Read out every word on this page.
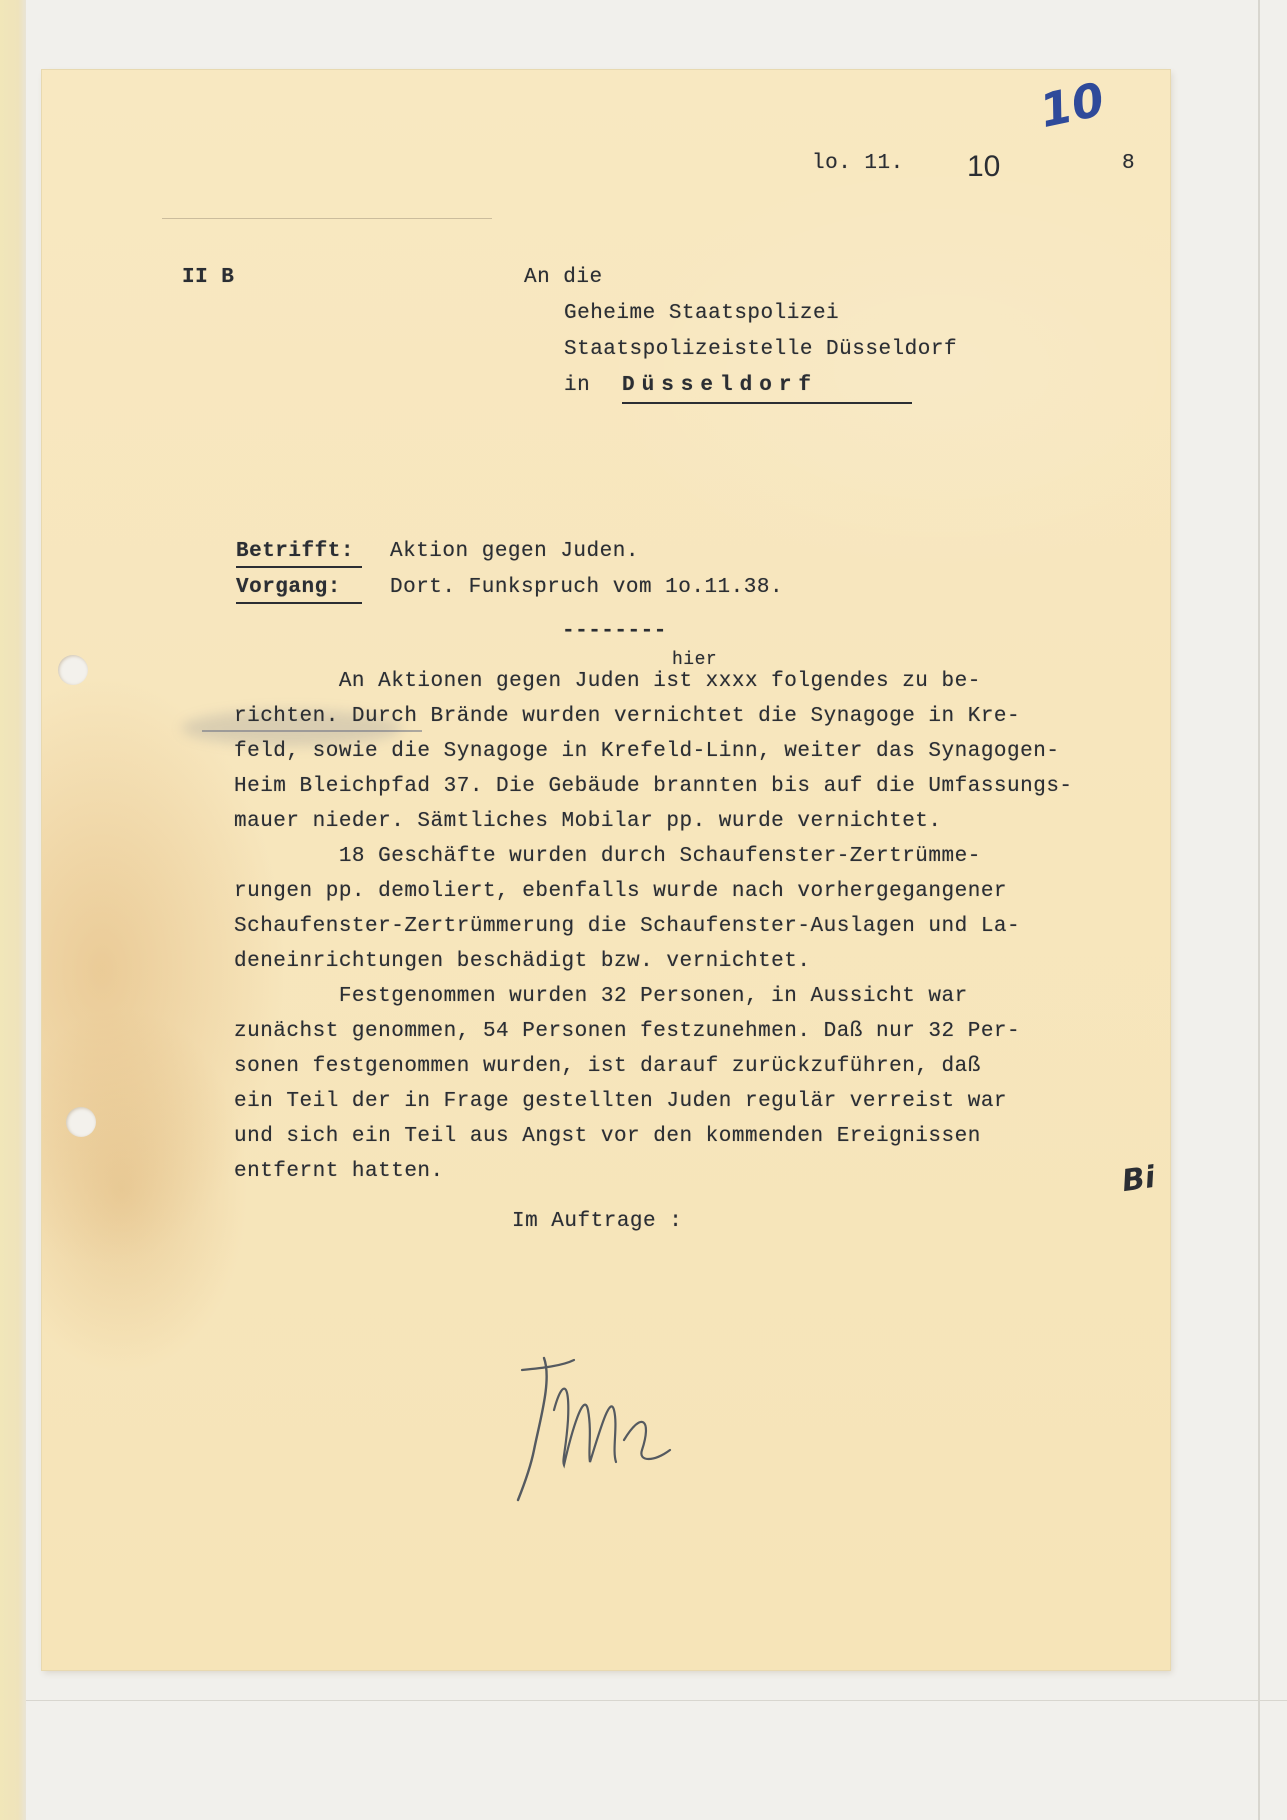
lo. 11. 10	8
10
II B	An die
Geheime Staatspolizei
Staatspolizeistelle Düsseldorf
in Düsseldorf
Betrifft: Aktion gegen Juden.
Vorgang: Dort. Funkspruch vom 1o.11.38.
--------
hier
An Aktionen gegen Juden ist xxxx folgendes zu be-
richten. Durch Brände wurden vernichtet die Synagoge in Kre-
feld, sowie die Synagoge in Krefeld-Linn, weiter das Synagogen-
Heim Bleichpfad 37. Die Gebäude brannten bis auf die Umfassungs-
mauer nieder. Sämtliches Mobilar pp. wurde vernichtet.
18 Geschäfte wurden durch Schaufenster-Zertrümme-
rungen pp. demoliert, ebenfalls wurde nach vorhergegangener
Schaufenster-Zertrümmerung die Schaufenster-Auslagen und La-
deneinrichtungen beschädigt bzw. vernichtet.
Festgenommen wurden 32 Personen, in Aussicht war
zunächst genommen, 54 Personen festzunehmen. Daß nur 32 Per-
sonen festgenommen wurden, ist darauf zurückzuführen, daß
ein Teil der in Frage gestellten Juden regulär verreist war
und sich ein Teil aus Angst vor den kommenden Ereignissen
entfernt hatten.	Bi
Im Auftrage :
